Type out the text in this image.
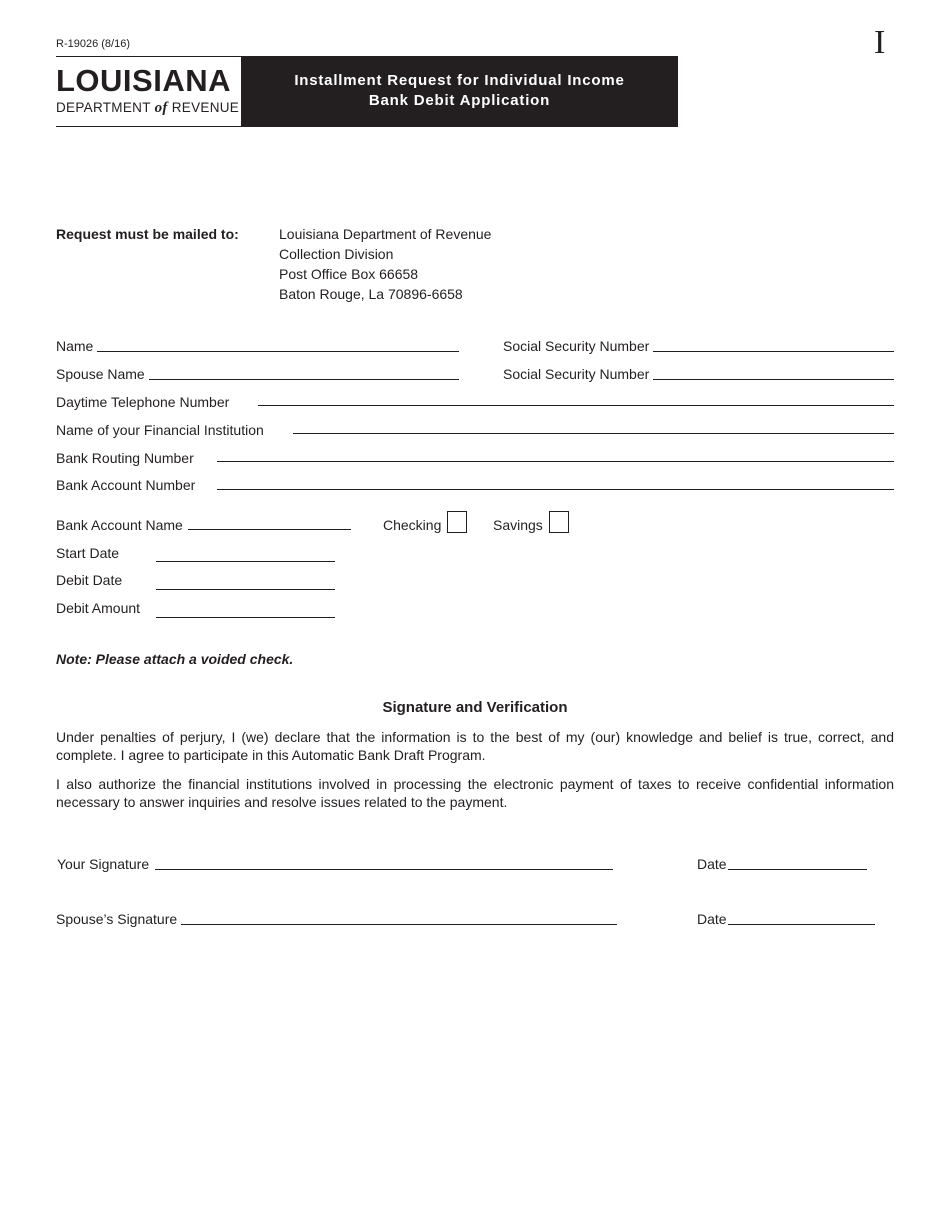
R-19026 (8/16)	I
LOUISIANA
DEPARTMENT of REVENUE
Installment Request for Individual Income
Bank Debit Application
Request must be mailed to:	Louisiana Department of Revenue
Collection Division
Post Office Box 66658
Baton Rouge, La 70896-6658
Name	Social Security Number
Spouse Name	Social Security Number
Daytime Telephone Number
Name of your Financial Institution
Bank Routing Number
Bank Account Number
Bank Account Name	Checking	Savings
Start Date
Debit Date
Debit Amount
Note: Please attach a voided check.
Signature and Verification
Under penalties of perjury, I (we) declare that the information is to the best of my (our) knowledge and belief is true, correct, and complete. I agree to participate in this Automatic Bank Draft Program.
I also authorize the financial institutions involved in processing the electronic payment of taxes to receive confidential information necessary to answer inquiries and resolve issues related to the payment.
Your Signature	Date
Spouse’s Signature	Date
